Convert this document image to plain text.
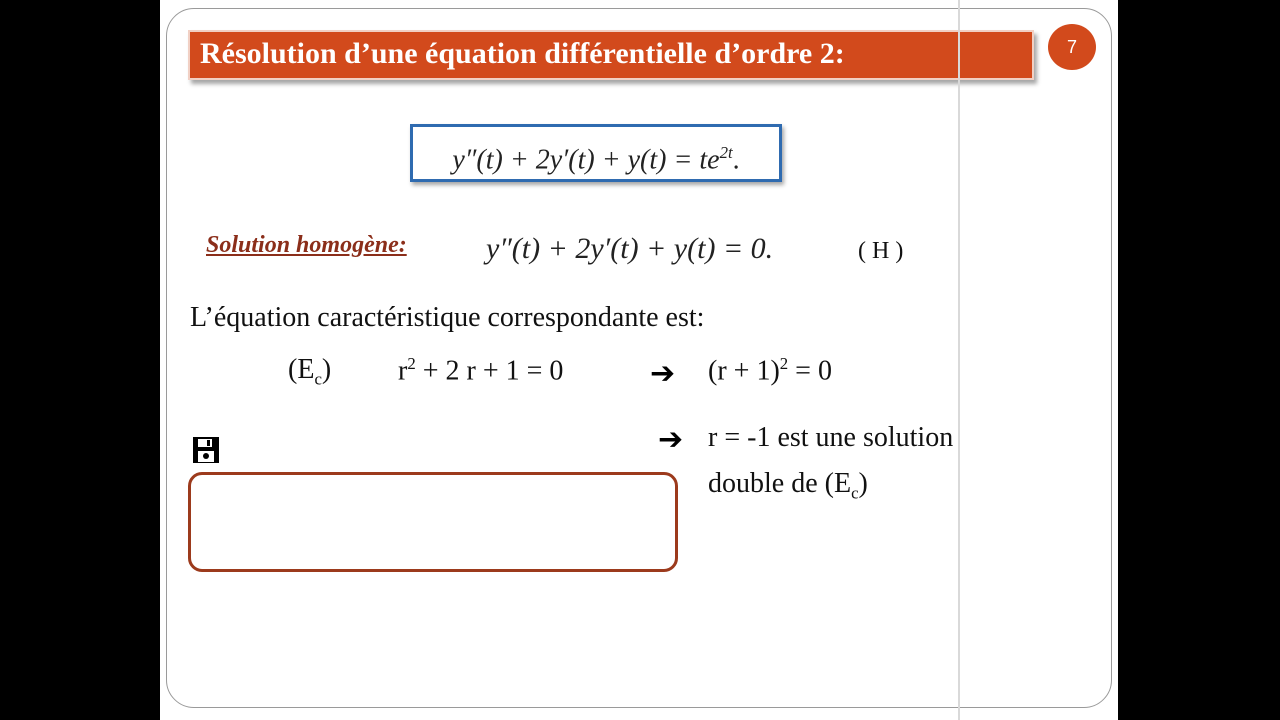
Résolution d’une équation différentielle d’ordre 2:	7
$y''(t) + 2y'(t) + y(t) = te^{2t}$.
Solution homogène:	y″(t) + 2y′(t) + y(t) = 0.	( H )
L’équation caractéristique correspondante est:
$(E_c) r^2 + 2$ r + 1 = 0	➔ $(r + 1)^2 = 0$
➔ r = -1 est une solution
double de $(E_c)$
